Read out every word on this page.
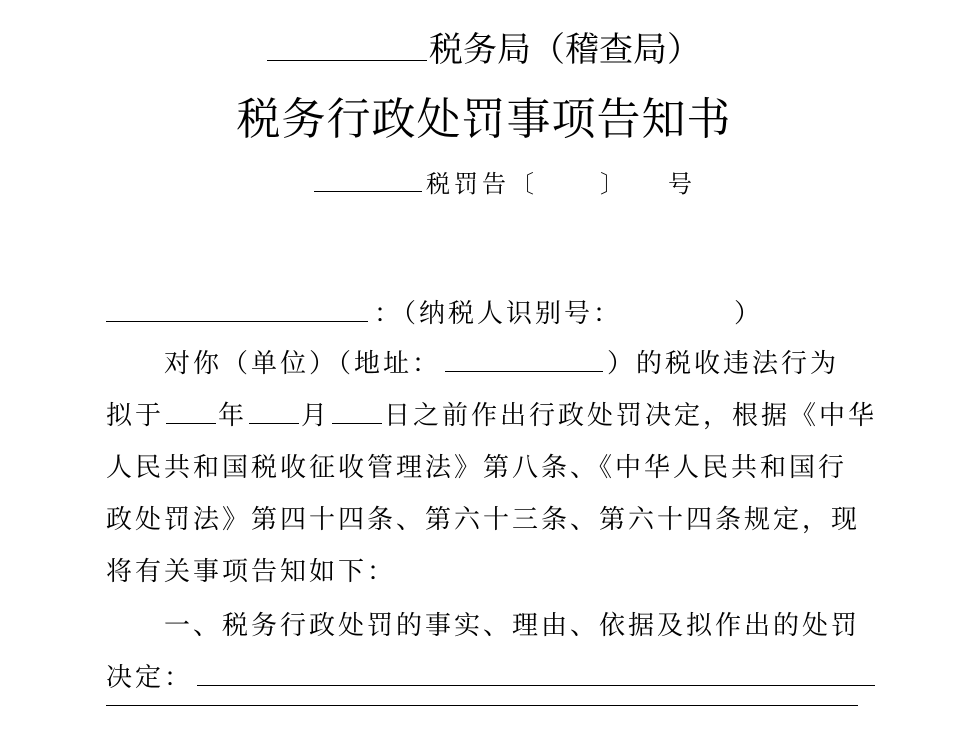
税务局（稽查局）
税务行政处罚事项告知书
税罚告〔	〕 号
：（纳税人识别号：	）
对你（单位）（地址：	）的税收违法行为
拟于 年 月 日之前作出行政处罚决定，根据《中华
人民共和国税收征收管理法》第八条、《中华人民共和国行
政处罚法》第四十四条、第六十三条、第六十四条规定，现
将有关事项告知如下：
一、税务行政处罚的事实、理由、依据及拟作出的处罚
决定：
